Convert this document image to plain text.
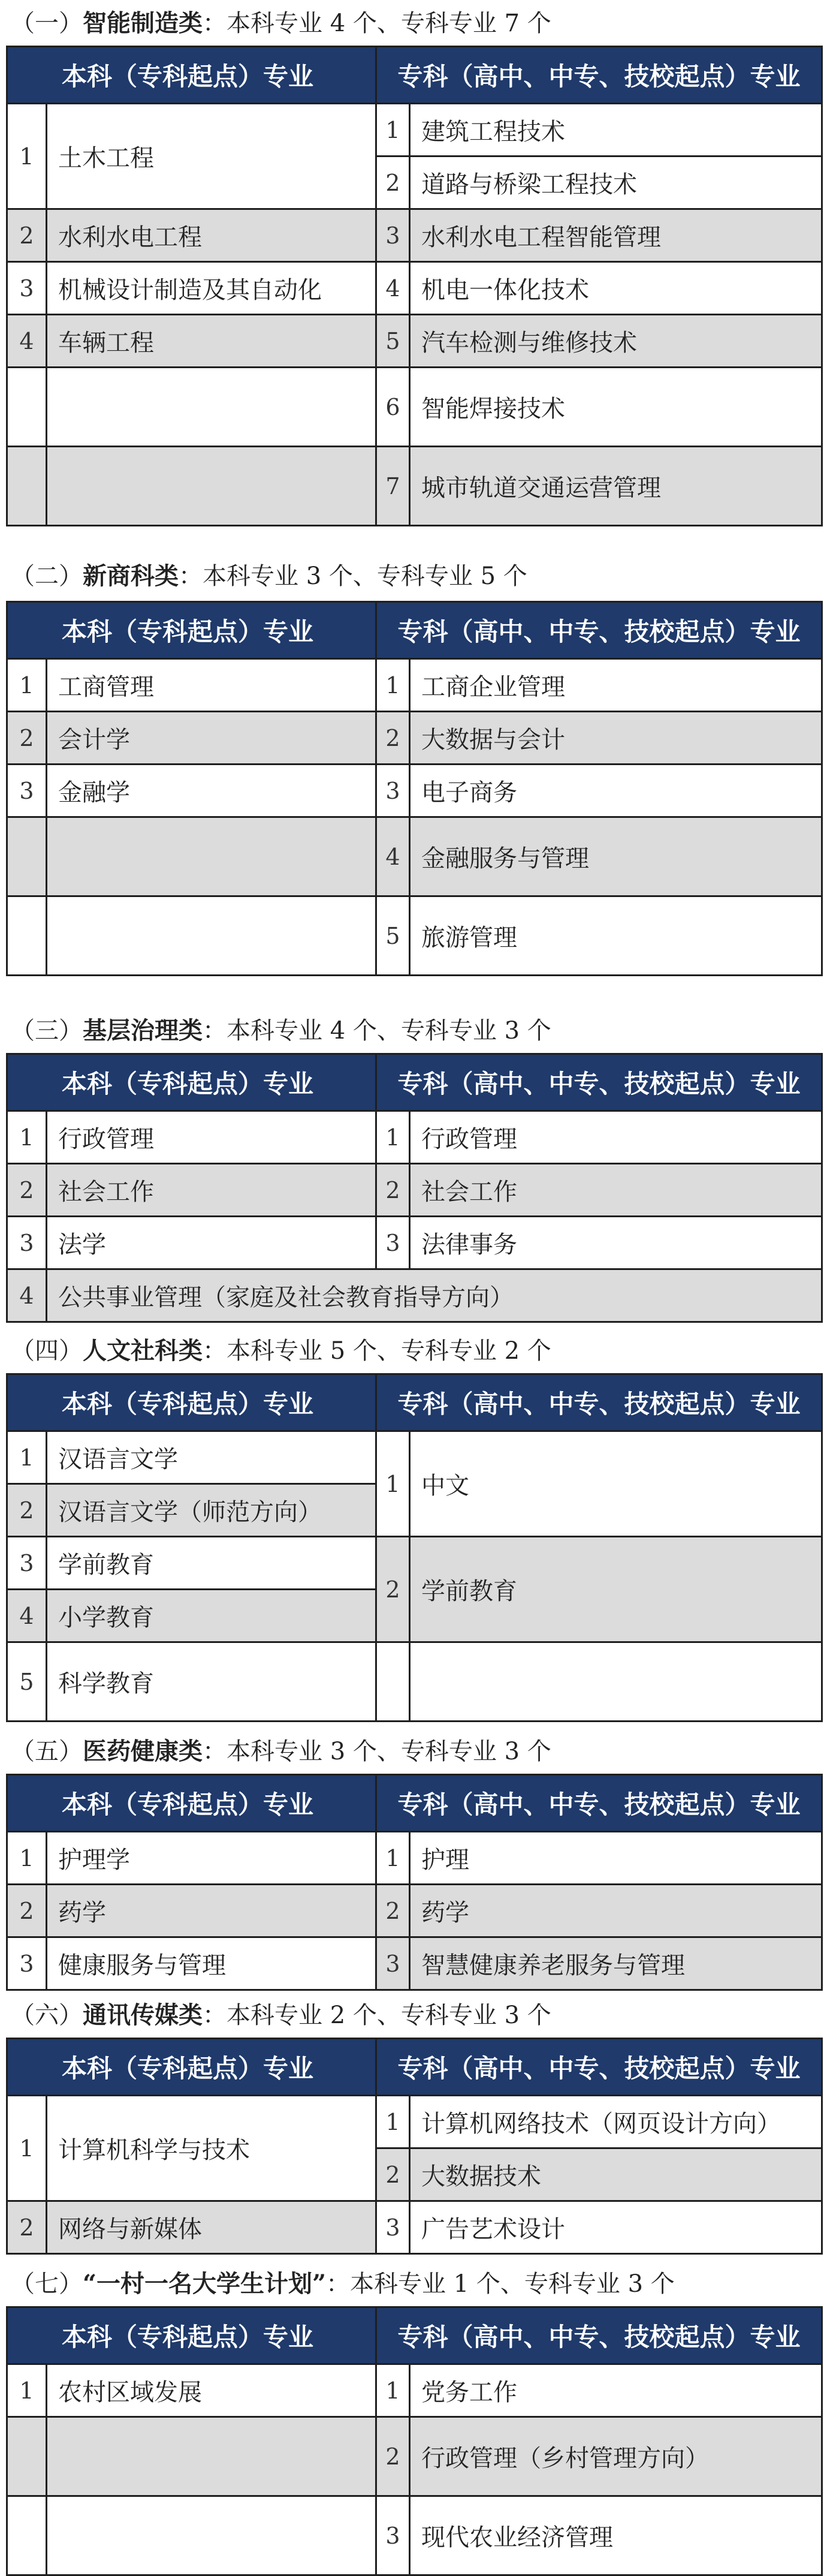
（一）智能制造类：本科专业 4 个、专科专业 7 个
本科（专科起点）专业		专科（高中、中专、技校起点）专业	
1	土木工程	1	建筑工程技术
		2	道路与桥梁工程技术
2	水利水电工程	3	水利水电工程智能管理
3	机械设计制造及其自动化	4	机电一体化技术
4	车辆工程	5	汽车检测与维修技术
		6	智能焊接技术
		7	城市轨道交通运营管理
（二）新商科类：本科专业 3 个、专科专业 5 个
本科（专科起点）专业		专科（高中、中专、技校起点）专业	
1	工商管理	1	工商企业管理
2	会计学	2	大数据与会计
3	金融学	3	电子商务
		4	金融服务与管理
		5	旅游管理
（三）基层治理类：本科专业 4 个、专科专业 3 个
本科（专科起点）专业		专科（高中、中专、技校起点）专业	
1	行政管理	1	行政管理
2	社会工作	2	社会工作
3	法学	3	法律事务
4	公共事业管理（家庭及社会教育指导方向）		
（四）人文社科类：本科专业 5 个、专科专业 2 个
本科（专科起点）专业		专科（高中、中专、技校起点）专业	
1	汉语言文学	1	中文
2	汉语言文学（师范方向）		
3	学前教育	2	学前教育
4	小学教育		
5	科学教育		
（五）医药健康类：本科专业 3 个、专科专业 3 个
本科（专科起点）专业		专科（高中、中专、技校起点）专业	
1	护理学	1	护理
2	药学	2	药学
3	健康服务与管理	3	智慧健康养老服务与管理
（六）通讯传媒类：本科专业 2 个、专科专业 3 个
本科（专科起点）专业		专科（高中、中专、技校起点）专业	
1	计算机科学与技术	1	计算机网络技术（网页设计方向）
		2	大数据技术
2	网络与新媒体	3	广告艺术设计
（七）“一村一名大学生计划”：本科专业 1 个、专科专业 3 个
本科（专科起点）专业		专科（高中、中专、技校起点）专业	
1	农村区域发展	1	党务工作
		2	行政管理（乡村管理方向）
		3	现代农业经济管理
